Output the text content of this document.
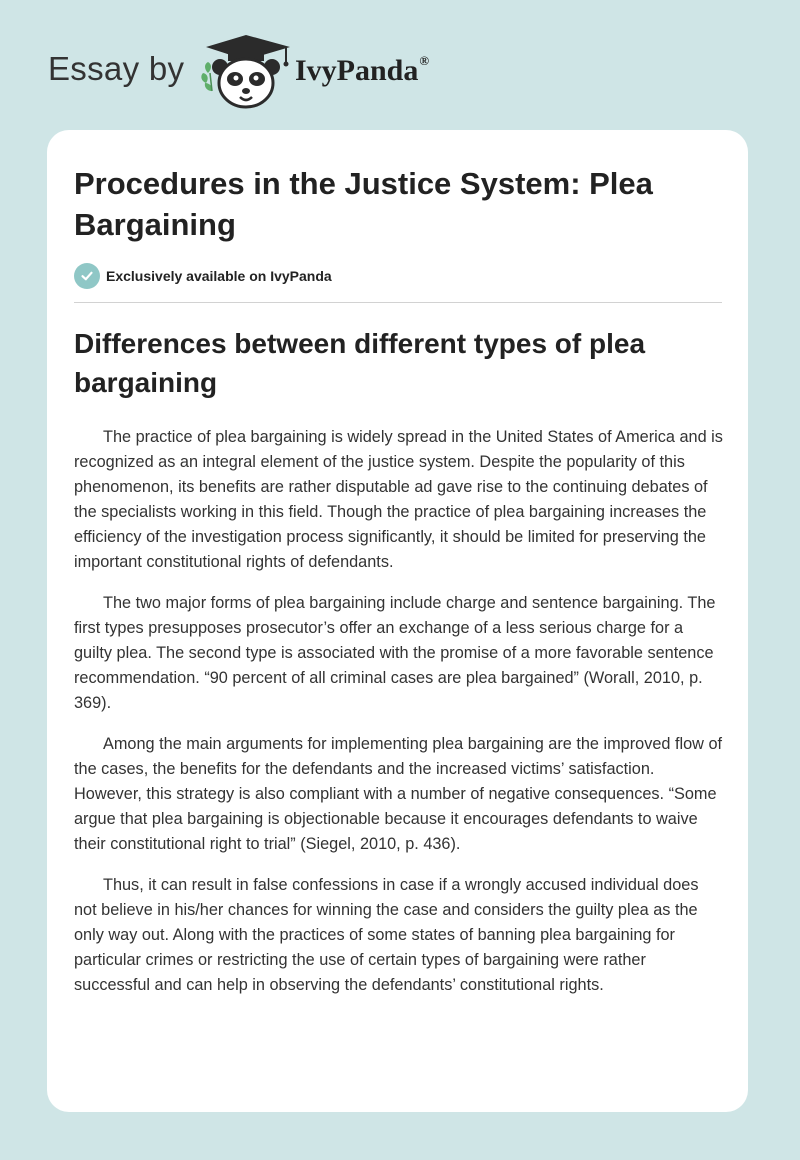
Essay by	IvyPanda®
Procedures in the Justice System: Plea Bargaining
Exclusively available on IvyPanda
Differences between different types of plea bargaining

The practice of plea bargaining is widely spread in the United States of America and is recognized as an integral element of the justice system. Despite the popularity of this phenomenon, its benefits are rather disputable ad gave rise to the continuing debates of the specialists working in this field. Though the practice of plea bargaining increases the efficiency of the investigation process significantly, it should be limited for preserving the important constitutional rights of defendants.

The two major forms of plea bargaining include charge and sentence bargaining. The first types presupposes prosecutor’s offer an exchange of a less serious charge for a guilty plea. The second type is associated with the promise of a more favorable sentence recommendation. “90 percent of all criminal cases are plea bargained” (Worall, 2010, p. 369).

Among the main arguments for implementing plea bargaining are the improved flow of the cases, the benefits for the defendants and the increased victims’ satisfaction. However, this strategy is also compliant with a number of negative consequences. “Some argue that plea bargaining is objectionable because it encourages defendants to waive their constitutional right to trial” (Siegel, 2010, p. 436).

Thus, it can result in false confessions in case if a wrongly accused individual does not believe in his/her chances for winning the case and considers the guilty plea as the only way out. Along with the practices of some states of banning plea bargaining for particular crimes or restricting the use of certain types of bargaining were rather successful and can help in observing the defendants’ constitutional rights.
